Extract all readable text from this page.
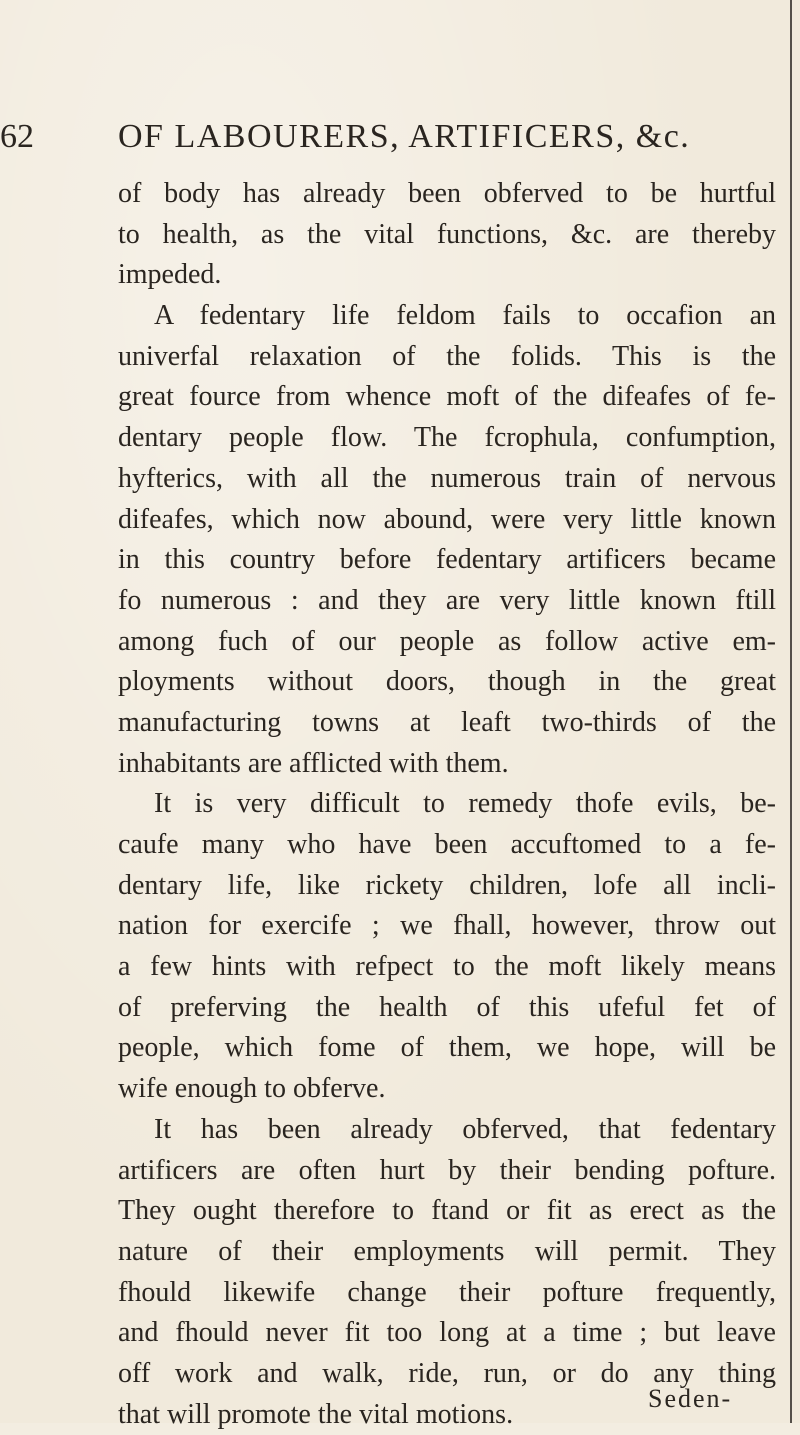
62 OF LABOURERS, ARTIFICERS, &c.
of body has already been obferved to be hurtful
to health, as the vital functions, &c. are thereby
impeded.
A fedentary life feldom fails to occafion an
univerfal relaxation of the folids. This is the
great fource from whence moft of the difeafes of fe-
dentary people flow. The fcrophula, confumption,
hyfterics, with all the numerous train of nervous
difeafes, which now abound, were very little known
in this country before fedentary artificers became
fo numerous : and they are very little known ftill
among fuch of our people as follow active em-
ployments without doors, though in the great
manufacturing towns at leaft two-thirds of the
inhabitants are afflicted with them.
It is very difficult to remedy thofe evils, be-
caufe many who have been accuftomed to a fe-
dentary life, like rickety children, lofe all incli-
nation for exercife ; we fhall, however, throw out
a few hints with refpect to the moft likely means
of preferving the health of this ufeful fet of
people, which fome of them, we hope, will be
wife enough to obferve.
It has been already obferved, that fedentary
artificers are often hurt by their bending pofture.
They ought therefore to ftand or fit as erect as the
nature of their employments will permit. They
fhould likewife change their pofture frequently,
and fhould never fit too long at a time ; but leave
off work and walk, ride, run, or do any thing
that will promote the vital motions.
Seden-
